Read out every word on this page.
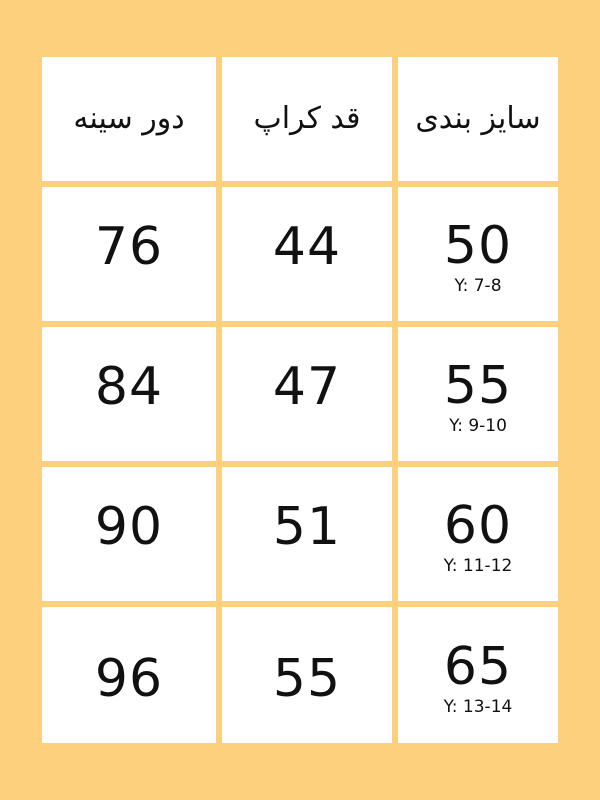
دور سینه قد کراپ سایز بندی
76 44 50
Y: 7-8
84 47 55
Y: 9-10
90 51 60
Y: 11-12
96 55 65
Y: 13-14
